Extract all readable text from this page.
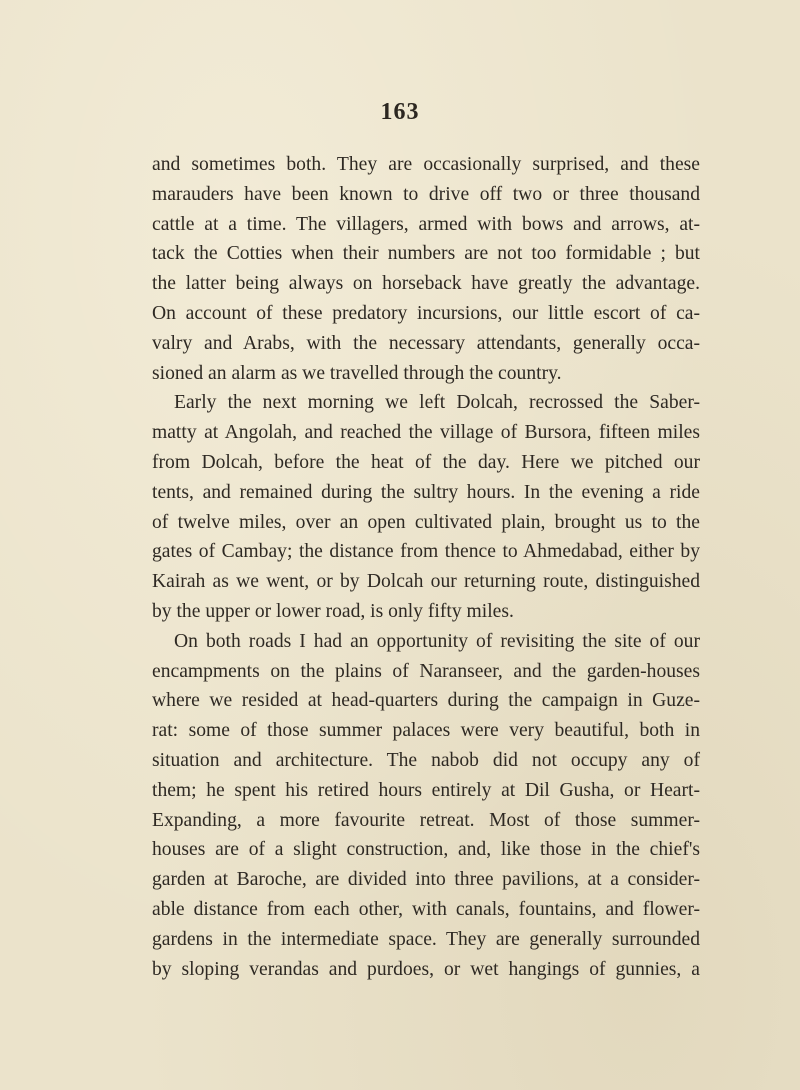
163
and sometimes both. They are occasionally surprised, and these
marauders have been known to drive off two or three thousand
cattle at a time. The villagers, armed with bows and arrows, at-
tack the Cotties when their numbers are not too formidable ; but
the latter being always on horseback have greatly the advantage.
On account of these predatory incursions, our little escort of ca-
valry and Arabs, with the necessary attendants, generally occa-
sioned an alarm as we travelled through the country.
Early the next morning we left Dolcah, recrossed the Saber-
matty at Angolah, and reached the village of Bursora, fifteen miles
from Dolcah, before the heat of the day. Here we pitched our
tents, and remained during the sultry hours. In the evening a ride
of twelve miles, over an open cultivated plain, brought us to the
gates of Cambay; the distance from thence to Ahmedabad, either by
Kairah as we went, or by Dolcah our returning route, distinguished
by the upper or lower road, is only fifty miles.
On both roads I had an opportunity of revisiting the site of our
encampments on the plains of Naranseer, and the garden-houses
where we resided at head-quarters during the campaign in Guze-
rat: some of those summer palaces were very beautiful, both in
situation and architecture. The nabob did not occupy any of
them; he spent his retired hours entirely at Dil Gusha, or Heart-
Expanding, a more favourite retreat. Most of those summer-
houses are of a slight construction, and, like those in the chief's
garden at Baroche, are divided into three pavilions, at a consider-
able distance from each other, with canals, fountains, and flower-
gardens in the intermediate space. They are generally surrounded
by sloping verandas and purdoes, or wet hangings of gunnies, a
